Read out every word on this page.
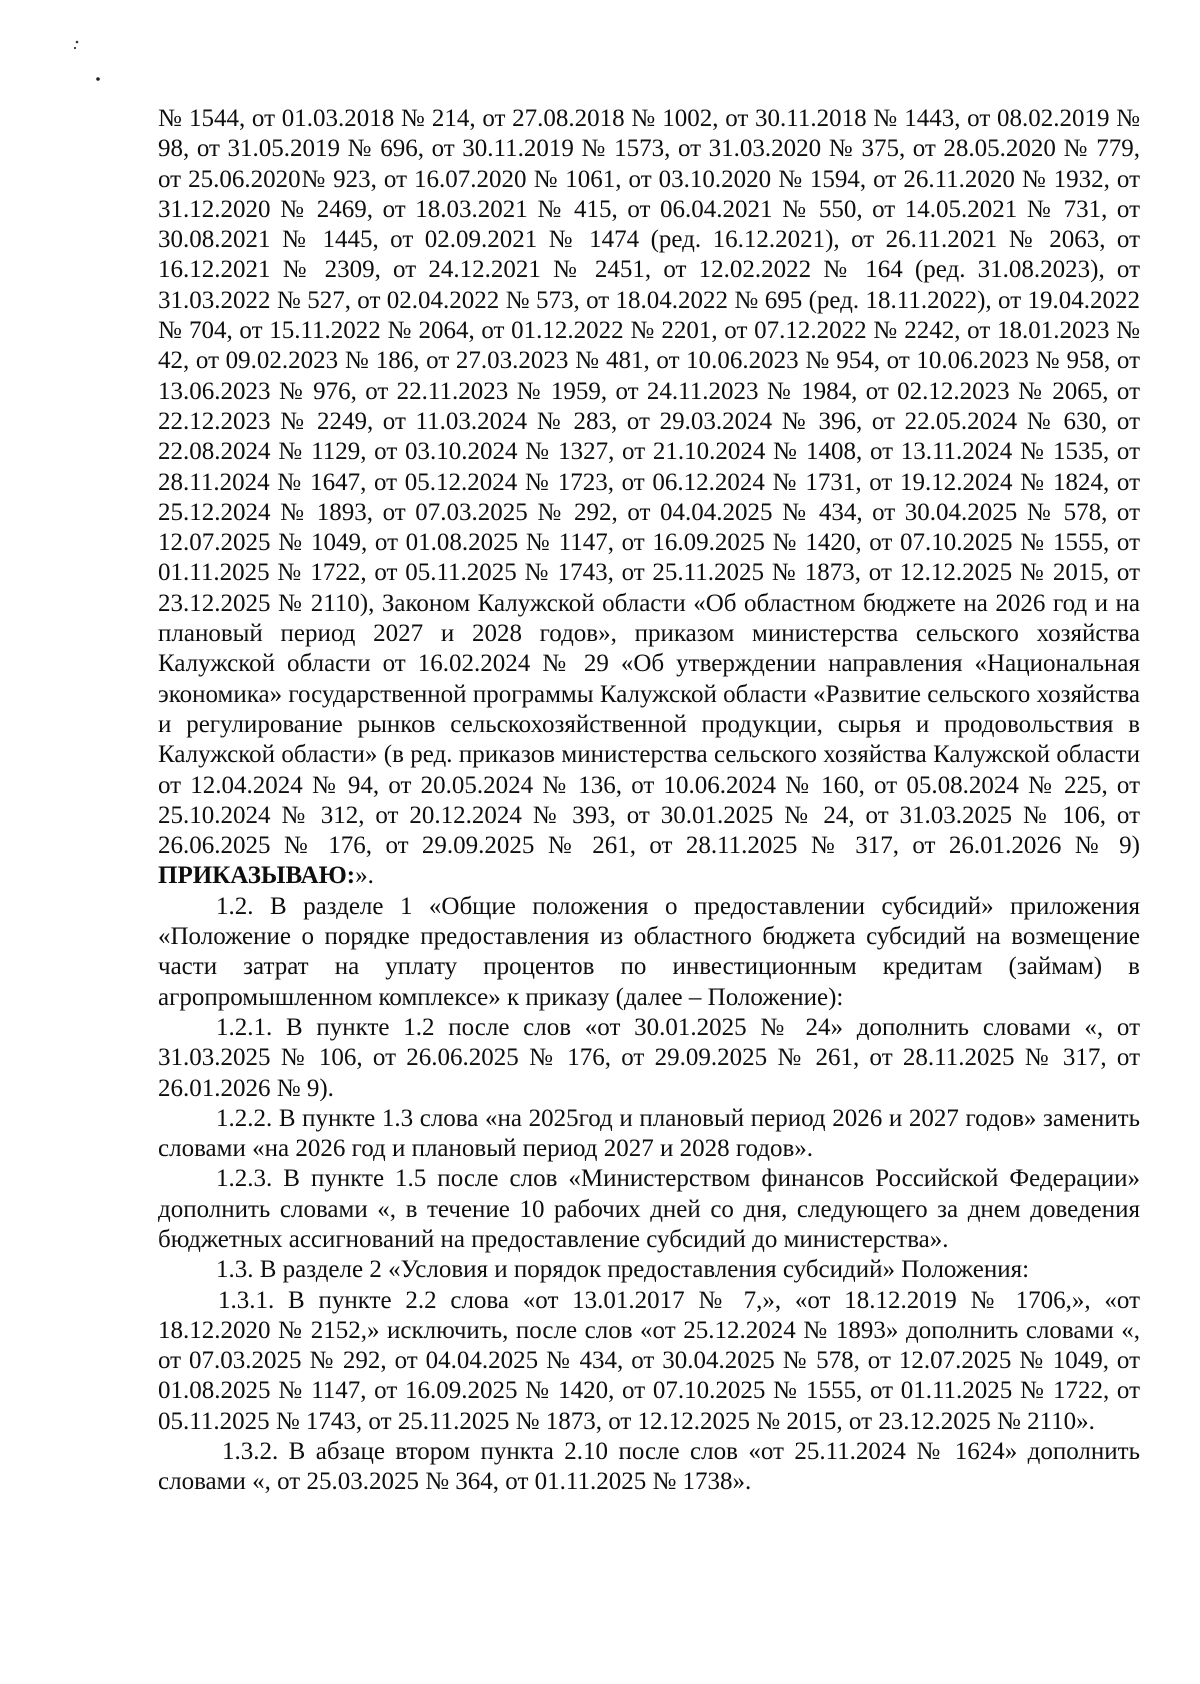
№ 1544, от 01.03.2018 № 214, от 27.08.2018 № 1002, от 30.11.2018 № 1443, от 08.02.2019 № 98, от 31.05.2019 № 696, от 30.11.2019 № 1573, от 31.03.2020 № 375, от 28.05.2020 № 779, от 25.06.2020№ 923, от 16.07.2020 № 1061, от 03.10.2020 № 1594, от 26.11.2020 № 1932, от 31.12.2020 № 2469, от 18.03.2021 № 415, от 06.04.2021 № 550, от 14.05.2021 № 731, от 30.08.2021 № 1445, от 02.09.2021 № 1474 (ред. 16.12.2021), от 26.11.2021 № 2063, от 16.12.2021 № 2309, от 24.12.2021 № 2451, от 12.02.2022 № 164 (ред. 31.08.2023), от 31.03.2022 № 527, от 02.04.2022 № 573, от 18.04.2022 № 695 (ред. 18.11.2022), от 19.04.2022 № 704, от 15.11.2022 № 2064, от 01.12.2022 № 2201, от 07.12.2022 № 2242, от 18.01.2023 № 42, от 09.02.2023 № 186, от 27.03.2023 № 481, от 10.06.2023 № 954, от 10.06.2023 № 958, от 13.06.2023 № 976, от 22.11.2023 № 1959, от 24.11.2023 № 1984, от 02.12.2023 № 2065, от 22.12.2023 № 2249, от 11.03.2024 № 283, от 29.03.2024 № 396, от 22.05.2024 № 630, от 22.08.2024 № 1129, от 03.10.2024 № 1327, от 21.10.2024 № 1408, от 13.11.2024 № 1535, от 28.11.2024 № 1647, от 05.12.2024 № 1723, от 06.12.2024 № 1731, от 19.12.2024 № 1824, от 25.12.2024 № 1893, от 07.03.2025 № 292, от 04.04.2025 № 434, от 30.04.2025 № 578, от 12.07.2025 № 1049, от 01.08.2025 № 1147, от 16.09.2025 № 1420, от 07.10.2025 № 1555, от 01.11.2025 № 1722, от 05.11.2025 № 1743, от 25.11.2025 № 1873, от 12.12.2025 № 2015, от 23.12.2025 № 2110), Законом Калужской области «Об областном бюджете на 2026 год и на плановый период 2027 и 2028 годов», приказом министерства сельского хозяйства Калужской области от 16.02.2024 № 29 «Об утверждении направления «Национальная экономика» государственной программы Калужской области «Развитие сельского хозяйства и регулирование рынков сельскохозяйственной продукции, сырья и продовольствия в Калужской области» (в ред. приказов министерства сельского хозяйства Калужской области от 12.04.2024 № 94, от 20.05.2024 № 136, от 10.06.2024 № 160, от 05.08.2024 № 225, от 25.10.2024 № 312, от 20.12.2024 № 393, от 30.01.2025 № 24, от 31.03.2025 № 106, от 26.06.2025 № 176, от 29.09.2025 № 261, от 28.11.2025 № 317, от 26.01.2026 № 9) ПРИКАЗЫВАЮ:».

1.2. В разделе 1 «Общие положения о предоставлении субсидий» приложения «Положение о порядке предоставления из областного бюджета субсидий на возмещение части затрат на уплату процентов по инвестиционным кредитам (займам) в агропромышленном комплексе» к приказу (далее – Положение):

1.2.1. В пункте 1.2 после слов «от 30.01.2025 № 24» дополнить словами «, от 31.03.2025 № 106, от 26.06.2025 № 176, от 29.09.2025 № 261, от 28.11.2025 № 317, от 26.01.2026 № 9).

1.2.2. В пункте 1.3 слова «на 2025год и плановый период 2026 и 2027 годов» заменить словами «на 2026 год и плановый период 2027 и 2028 годов».

1.2.3. В пункте 1.5 после слов «Министерством финансов Российской Федерации» дополнить словами «, в течение 10 рабочих дней со дня, следующего за днем доведения бюджетных ассигнований на предоставление субсидий до министерства».

1.3. В разделе 2 «Условия и порядок предоставления субсидий» Положения:

1.3.1. В пункте 2.2 слова «от 13.01.2017 № 7,», «от 18.12.2019 № 1706,», «от 18.12.2020 № 2152,» исключить, после слов «от 25.12.2024 № 1893» дополнить словами «, от 07.03.2025 № 292, от 04.04.2025 № 434, от 30.04.2025 № 578, от 12.07.2025 № 1049, от 01.08.2025 № 1147, от 16.09.2025 № 1420, от 07.10.2025 № 1555, от 01.11.2025 № 1722, от 05.11.2025 № 1743, от 25.11.2025 № 1873, от 12.12.2025 № 2015, от 23.12.2025 № 2110».

1.3.2. В абзаце втором пункта 2.10 после слов «от 25.11.2024 № 1624» дополнить словами «, от 25.03.2025 № 364, от 01.11.2025 № 1738».
